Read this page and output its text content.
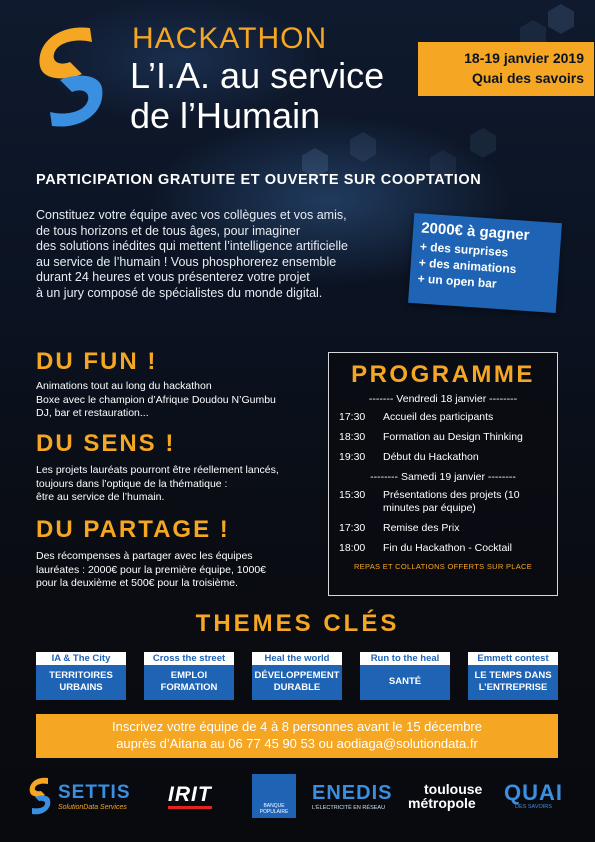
HACKATHON
L’I.A. au service
de l’Humain
18-19 janvier 2019
Quai des savoirs
PARTICIPATION GRATUITE ET OUVERTE SUR COOPTATION
Constituez votre équipe avec vos collègues et vos amis,
de tous horizons et de tous âges, pour imaginer
des solutions inédites qui mettent l’intelligence artificielle
au service de l’humain ! Vous phosphorerez ensemble
durant 24 heures et vous présenterez votre projet
à un jury composé de spécialistes du monde digital.
2000€ à gagner
+ des surprises
+ des animations
+ un open bar
DU FUN !
Animations tout au long du hackathon
Boxe avec le champion d’Afrique Doudou N’Gumbu
DJ, bar et restauration...
DU SENS !
Les projets lauréats pourront être réellement lancés,
toujours dans l’optique de la thématique :
être au service de l’humain.
DU PARTAGE !
Des récompenses à partager avec les équipes
lauréates : 2000€ pour la première équipe, 1000€
pour la deuxième et 500€ pour la troisième.
PROGRAMME
------- Vendredi 18 janvier --------
17:30	Accueil des participants
18:30	Formation au Design Thinking
19:30	Début du Hackathon
-------- Samedi 19 janvier --------
15:30	Présentations des projets (10 minutes par équipe)
17:30	Remise des Prix
18:00	Fin du Hackathon - Cocktail
REPAS ET COLLATIONS OFFERTS SUR PLACE
THEMES CLÉS
IA & The City
TERRITOIRES URBAINS
Cross the street
EMPLOI FORMATION
Heal the world
DÉVELOPPEMENT DURABLE
Run to the heal
SANTÉ
Emmett contest
LE TEMPS DANS L’ENTREPRISE
Inscrivez votre équipe de 4 à 8 personnes avant le 15 décembre
auprès d’Aitana au 06 77 45 90 53 ou aodiaga@solutiondata.fr
SETTIS
SolutionData Services
IRIT
BANQUE POPULAIRE
ENEDIS
L’ÉLECTRICITÉ EN RÉSEAU
toulouse
métropole	QUAI
DES SAVOIRS
